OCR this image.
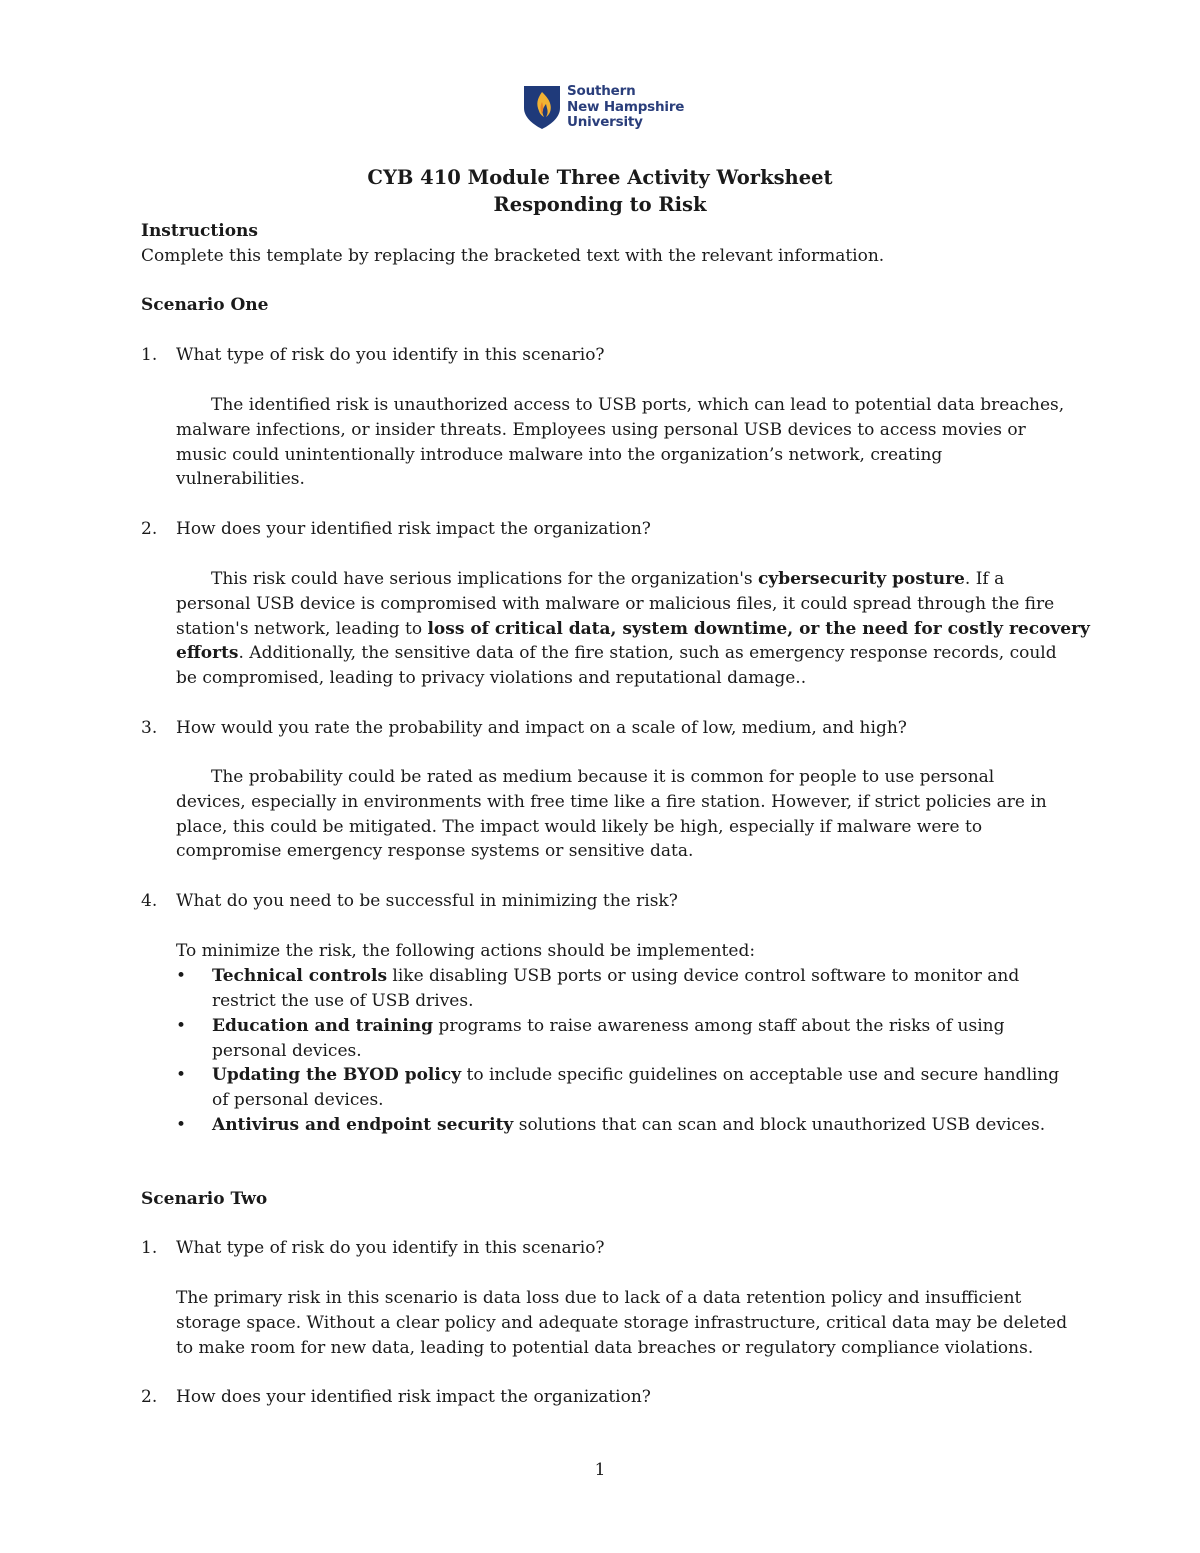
Southern
New Hampshire
University
CYB 410 Module Three Activity Worksheet
Responding to Risk
Instructions
Complete this template by replacing the bracketed text with the relevant information.
Scenario One
1. What type of risk do you identify in this scenario?
The identified risk is unauthorized access to USB ports, which can lead to potential data breaches,
malware infections, or insider threats. Employees using personal USB devices to access movies or
music could unintentionally introduce malware into the organization’s network, creating
vulnerabilities.
2. How does your identified risk impact the organization?
This risk could have serious implications for the organization's cybersecurity posture. If a
personal USB device is compromised with malware or malicious files, it could spread through the fire
station's network, leading to loss of critical data, system downtime, or the need for costly recovery
efforts. Additionally, the sensitive data of the fire station, such as emergency response records, could
be compromised, leading to privacy violations and reputational damage..
3. How would you rate the probability and impact on a scale of low, medium, and high?
The probability could be rated as medium because it is common for people to use personal
devices, especially in environments with free time like a fire station. However, if strict policies are in
place, this could be mitigated. The impact would likely be high, especially if malware were to
compromise emergency response systems or sensitive data.
4. What do you need to be successful in minimizing the risk?
To minimize the risk, the following actions should be implemented:
• Technical controls like disabling USB ports or using device control software to monitor and
restrict the use of USB drives.
• Education and training programs to raise awareness among staff about the risks of using
personal devices.
• Updating the BYOD policy to include specific guidelines on acceptable use and secure handling
of personal devices.
• Antivirus and endpoint security solutions that can scan and block unauthorized USB devices.
Scenario Two
1. What type of risk do you identify in this scenario?
The primary risk in this scenario is data loss due to lack of a data retention policy and insufficient
storage space. Without a clear policy and adequate storage infrastructure, critical data may be deleted
to make room for new data, leading to potential data breaches or regulatory compliance violations.
2. How does your identified risk impact the organization?
1
